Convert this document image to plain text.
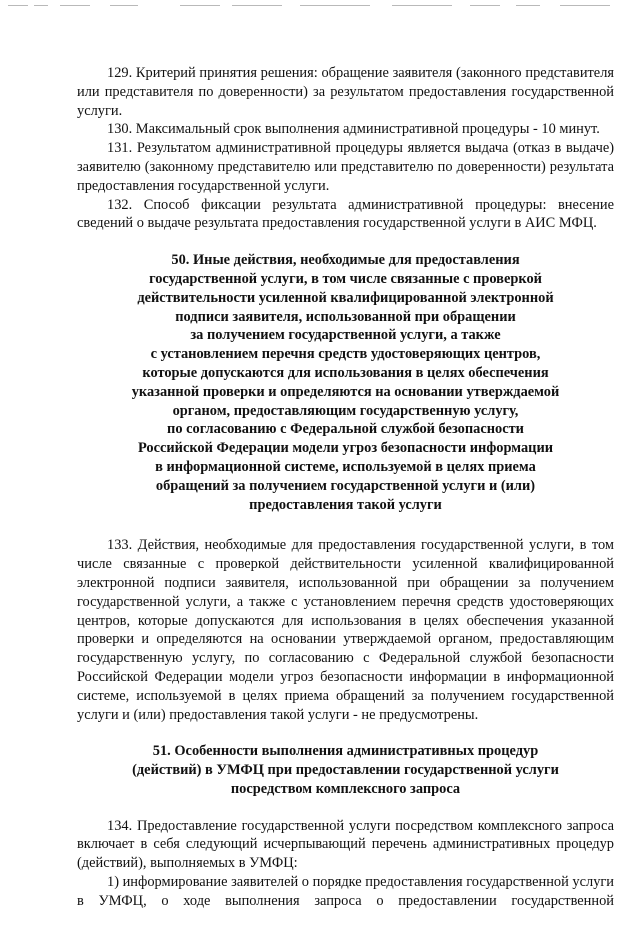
129. Критерий принятия решения: обращение заявителя (законного представителя или представителя по доверенности) за результатом предоставления государственной услуги.

130. Максимальный срок выполнения административной процедуры - 10 минут.

131. Результатом административной процедуры является выдача (отказ в выдаче) заявителю (законному представителю или представителю по доверенности) результата предоставления государственной услуги.

132. Способ фиксации результата административной процедуры: внесение сведений о выдаче результата предоставления государственной услуги в АИС МФЦ.

50. Иные действия, необходимые для предоставления
государственной услуги, в том числе связанные с проверкой
действительности усиленной квалифицированной электронной
подписи заявителя, использованной при обращении
за получением государственной услуги, а также
с установлением перечня средств удостоверяющих центров,
которые допускаются для использования в целях обеспечения
указанной проверки и определяются на основании утверждаемой
органом, предоставляющим государственную услугу,
по согласованию с Федеральной службой безопасности
Российской Федерации модели угроз безопасности информации
в информационной системе, используемой в целях приема
обращений за получением государственной услуги и (или)
предоставления такой услуги

133. Действия, необходимые для предоставления государственной услуги, в том числе связанные с проверкой действительности усиленной квалифицированной электронной подписи заявителя, использованной при обращении за получением государственной услуги, а также с установлением перечня средств удостоверяющих центров, которые допускаются для использования в целях обеспечения указанной проверки и определяются на основании утверждаемой органом, предоставляющим государственную услугу, по согласованию с Федеральной службой безопасности Российской Федерации модели угроз безопасности информации в информационной системе, используемой в целях приема обращений за получением государственной услуги и (или) предоставления такой услуги - не предусмотрены.

51. Особенности выполнения административных процедур
(действий) в УМФЦ при предоставлении государственной услуги
посредством комплексного запроса

134. Предоставление государственной услуги посредством комплексного запроса включает в себя следующий исчерпывающий перечень административных процедур (действий), выполняемых в УМФЦ:

1) информирование заявителей о порядке предоставления государственной услуги в УМФЦ, о ходе выполнения запроса о предоставлении государственной
